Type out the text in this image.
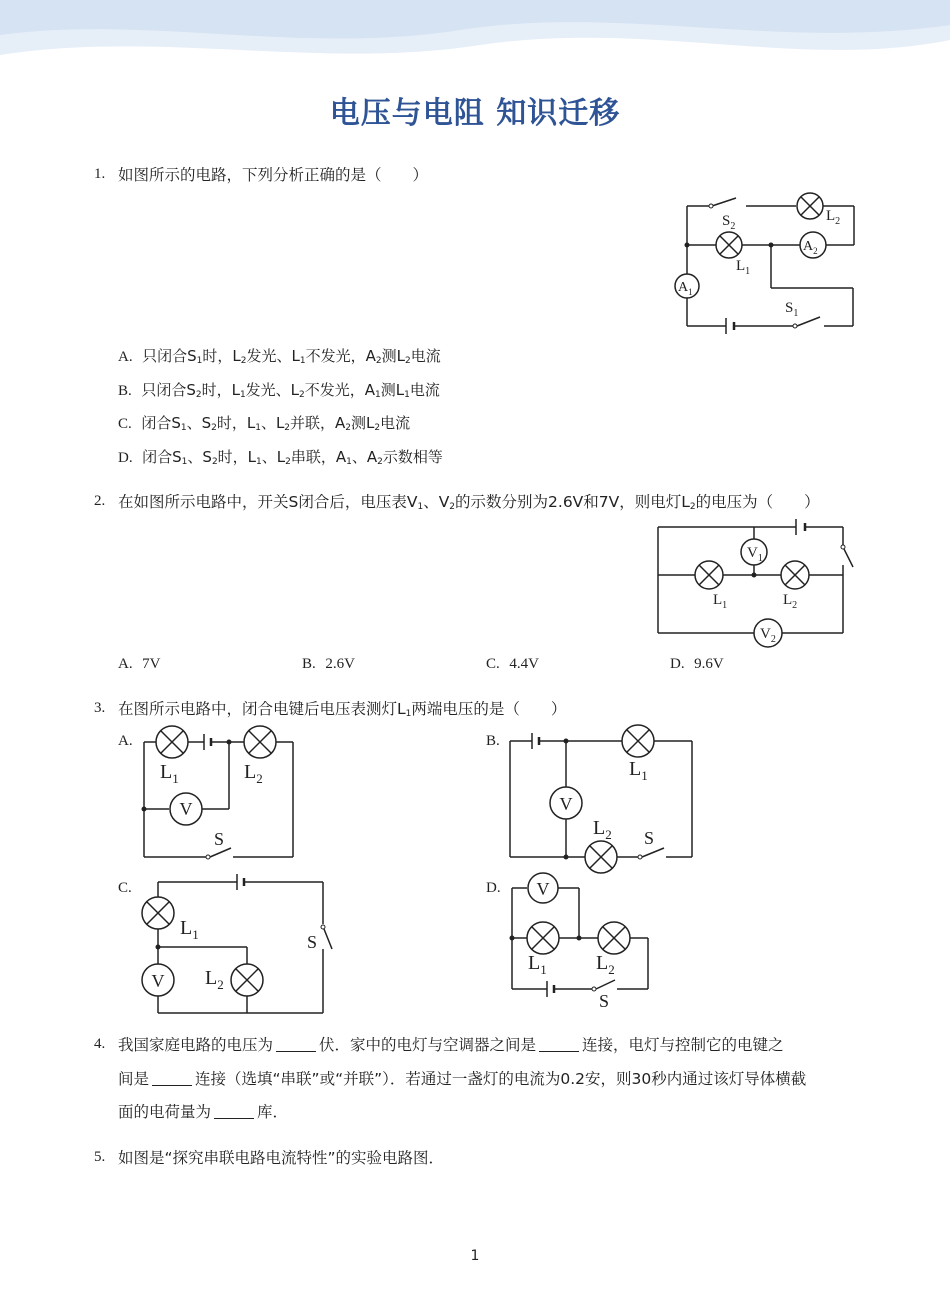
电压与电阻 知识迁移
1. 如图所示的电路，下列分析正确的是（　　）
$S_2$
$L_2$
$L_1$
$A_2$
$A_1$
$S_1$
A. 只闭合$S_1$时，$L_2$发光、$L_1$不发光，$A_2$测$L_2$电流
B. 只闭合$S_2$时，$L_1$发光、$L_2$不发光，$A_1$测$L_1$电流
C. 闭合$S_1$、$S_2$时，$L_1$、$L_2$并联，$A_2$测$L_2$电流
D. 闭合$S_1$、$S_2$时，$L_1$、$L_2$串联，$A_1$、$A_2$示数相等
2. 在如图所示电路中，开关S闭合后，电压表$V_1$、$V_2$的示数分别为2.6V和7V，则电灯$L_2$的电压为（　　）
$V_1$
$V_2$
$L_1$	$L_2$
A. 7V	B. 2.6V	C. 4.4V	D. 9.6V
3. 在图所示电路中，闭合电键后电压表测灯$L_1$两端电压的是（　　）
A.	B.
C.	D.
V
$L_1$	$L_2$
S
V
$L_1$
$L_2$ S
V
$L_1$
$L_2$
S
V
$L_1$ $L_2$
S
4. 我国家庭电路的电压为	伏．家中的电灯与空调器之间是	连接，电灯与控制它的电键之
间是	连接（选填“串联”或“并联”）．若通过一盏灯的电流为0.2安，则30秒内通过该灯导体横截
面的电荷量为	库．
5. 如图是“探究串联电路电流特性”的实验电路图．
1
